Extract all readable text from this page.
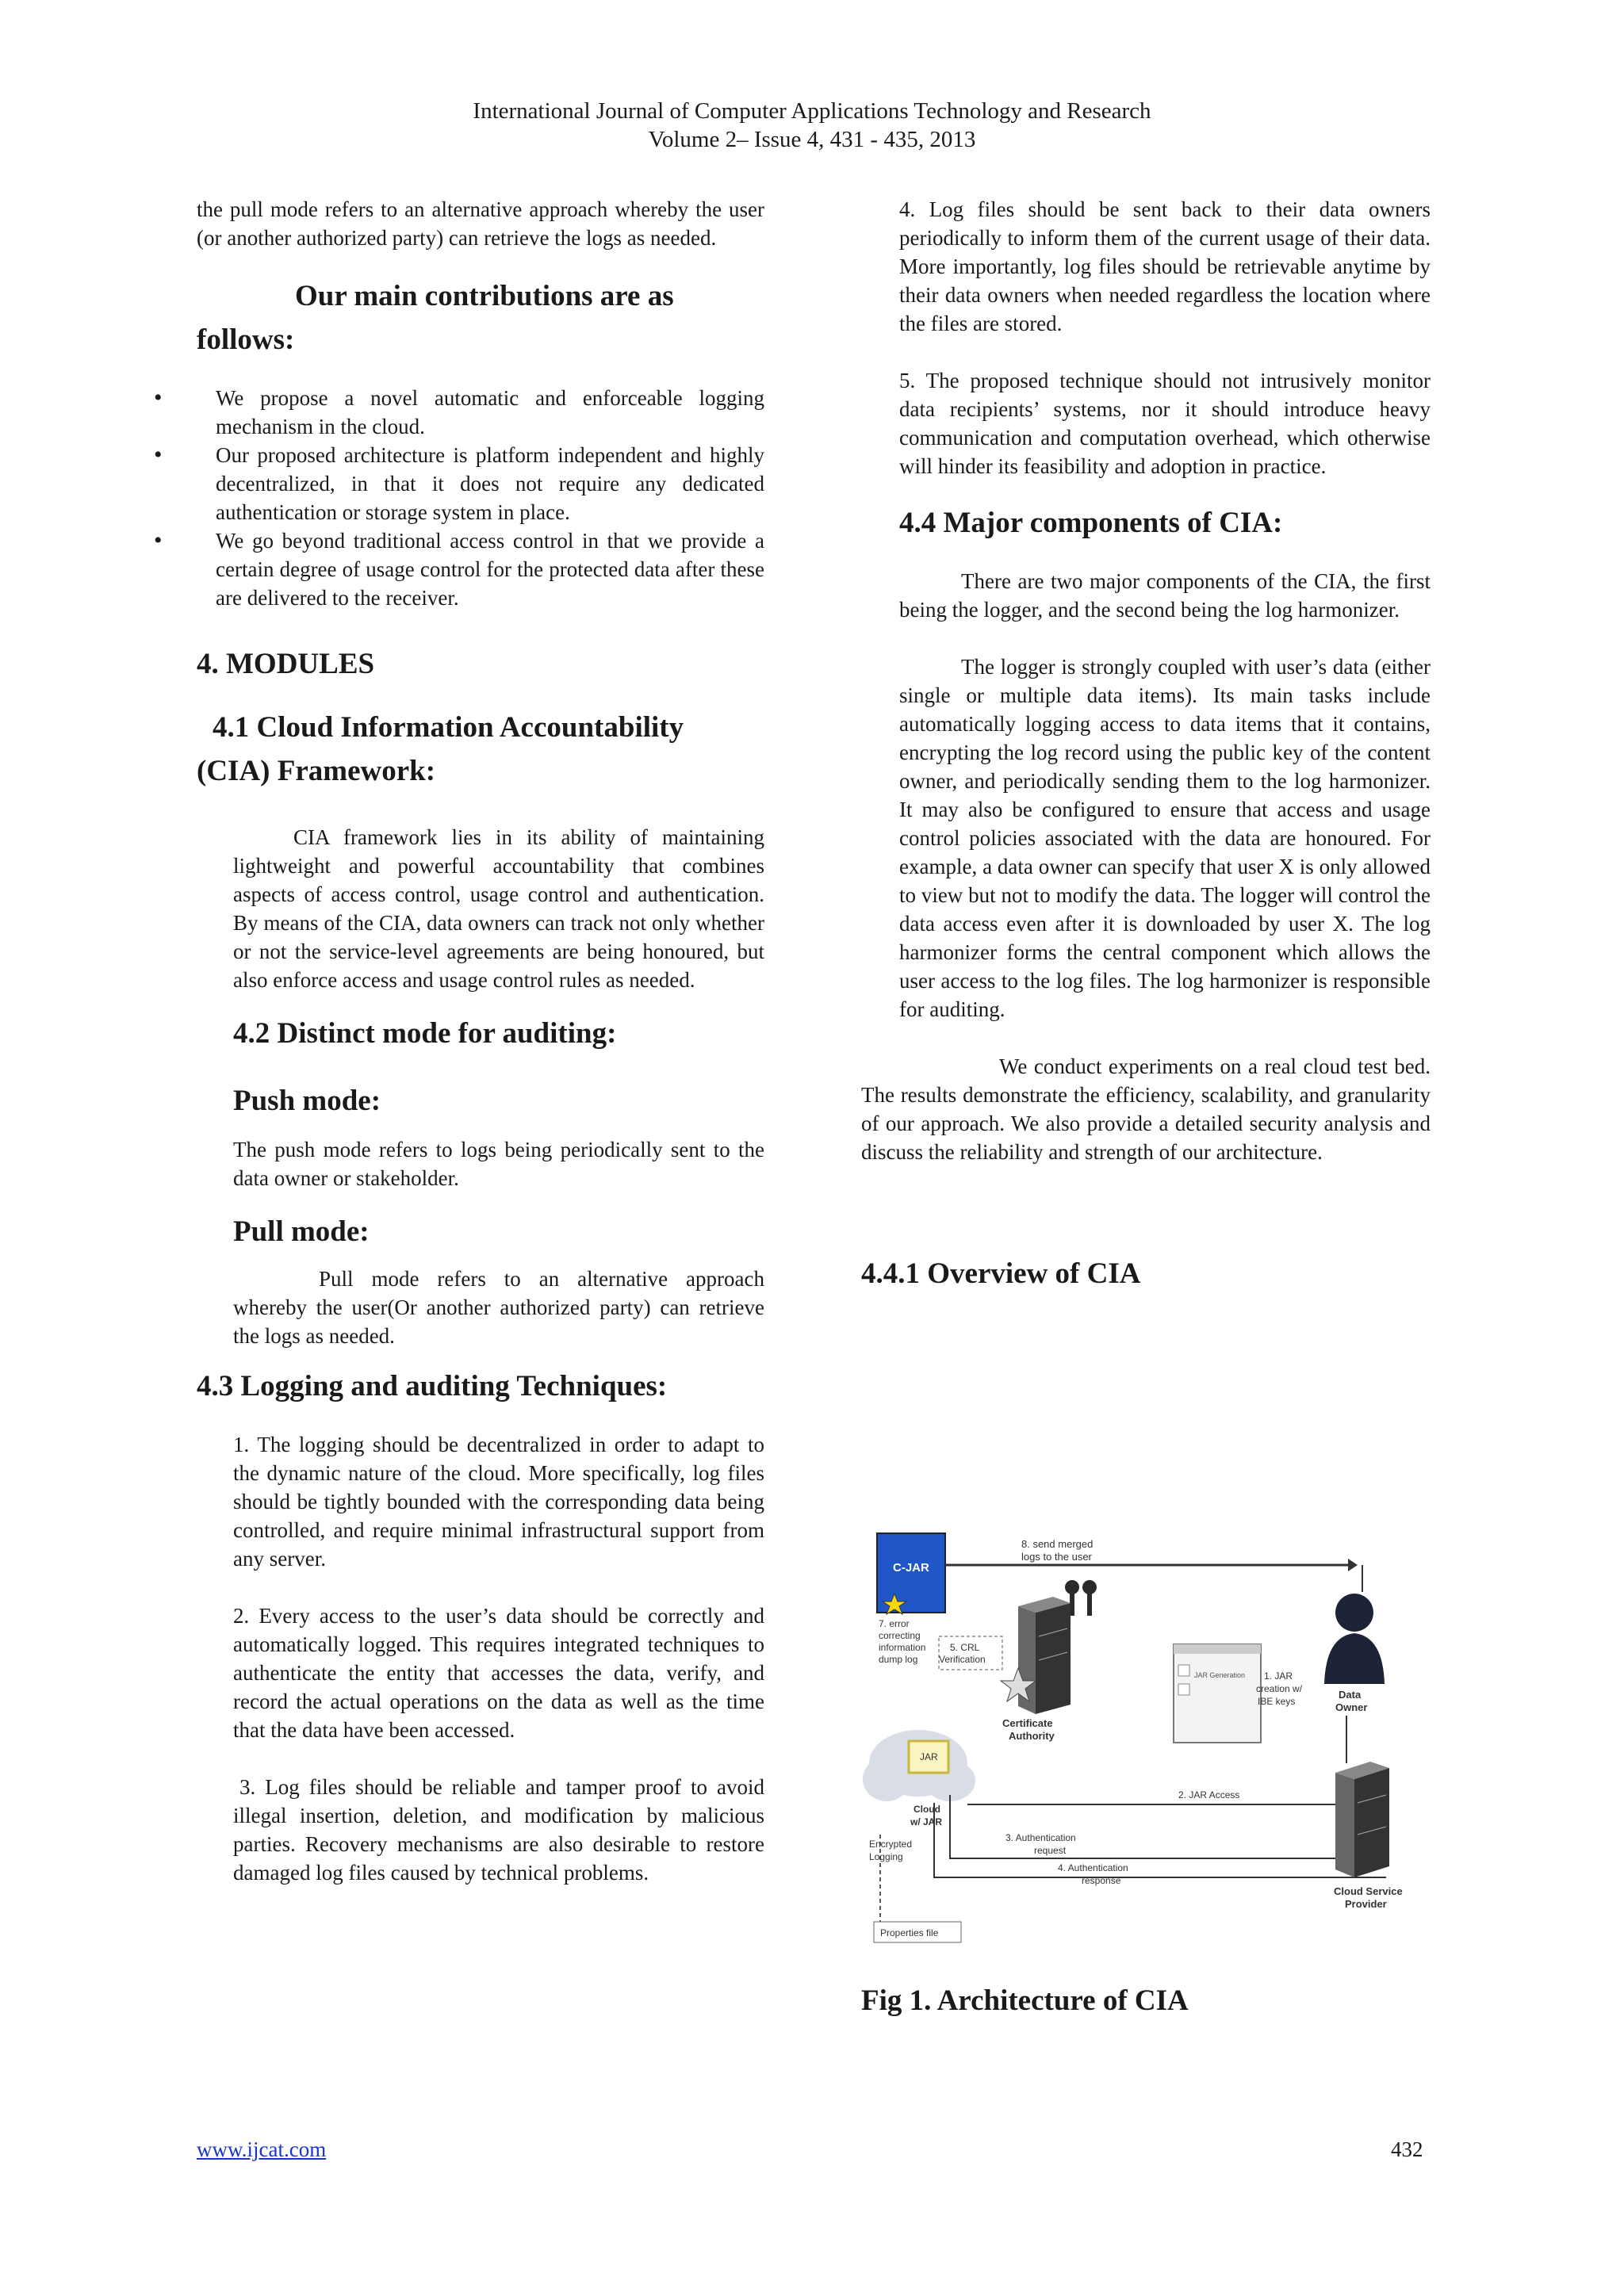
International Journal of Computer Applications Technology and Research
Volume 2– Issue 4, 431 - 435, 2013

the pull mode refers to an alternative approach whereby the user (or another authorized party) can retrieve the logs as needed.

Our main contributions are as
follows:
• We propose a novel automatic and enforceable logging mechanism in the cloud.
• Our proposed architecture is platform independent and highly decentralized, in that it does not require any dedicated authentication or storage system in place.
• We go beyond traditional access control in that we provide a certain degree of usage control for the protected data after these are delivered to the receiver.
4. MODULES
4.1 Cloud Information Accountability
(CIA) Framework:

CIA framework lies in its ability of maintaining lightweight and powerful accountability that combines aspects of access control, usage control and authentication. By means of the CIA, data owners can track not only whether or not the service-level agreements are being honoured, but also enforce access and usage control rules as needed.

4.2 Distinct mode for auditing:
Push mode:

The push mode refers to logs being periodically sent to the data owner or stakeholder.

Pull mode:

Pull mode refers to an alternative approach whereby the user(Or another authorized party) can retrieve the logs as needed.

4.3 Logging and auditing Techniques:

1. The logging should be decentralized in order to adapt to the dynamic nature of the cloud. More specifically, log files should be tightly bounded with the corresponding data being controlled, and require minimal infrastructural support from any server.

2. Every access to the user’s data should be correctly and automatically logged. This requires integrated techniques to authenticate the entity that accesses the data, verify, and record the actual operations on the data as well as the time that the data have been accessed.

3. Log files should be reliable and tamper proof to avoid illegal insertion, deletion, and modification by malicious parties. Recovery mechanisms are also desirable to restore damaged log files caused by technical problems.

4. Log files should be sent back to their data owners periodically to inform them of the current usage of their data. More importantly, log files should be retrievable anytime by their data owners when needed regardless the location where the files are stored.

5. The proposed technique should not intrusively monitor data recipients’ systems, nor it should introduce heavy communication and computation overhead, which otherwise will hinder its feasibility and adoption in practice.

4.4 Major components of CIA:

There are two major components of the CIA, the first being the logger, and the second being the log harmonizer.

The logger is strongly coupled with user’s data (either single or multiple data items). Its main tasks include automatically logging access to data items that it contains, encrypting the log record using the public key of the content owner, and periodically sending them to the log harmonizer. It may also be configured to ensure that access and usage control policies associated with the data are honoured. For example, a data owner can specify that user X is only allowed to view but not to modify the data. The logger will control the data access even after it is downloaded by user X. The log harmonizer forms the central component which allows the user access to the log files. The log harmonizer is responsible for auditing.

We conduct experiments on a real cloud test bed. The results demonstrate the efficiency, scalability, and granularity of our approach. We also provide a detailed security analysis and discuss the reliability and strength of our architecture.

4.4.1 Overview of CIA
C-JAR
8. send merged
logs to the user
7. error
correcting
information
dump log
5. CRL
Verification
Certificate
Authority
JAR Generation 1. JAR
creation w/
IBE keys
Data
Owner
JAR
Cloud
w/ JAR
2. JAR Access
3. Authentication
request
4. Authentication
response
Encrypted
Logging
Properties file
Cloud Service
Provider
Fig 1. Architecture of CIA
www.ijcat.com	432
